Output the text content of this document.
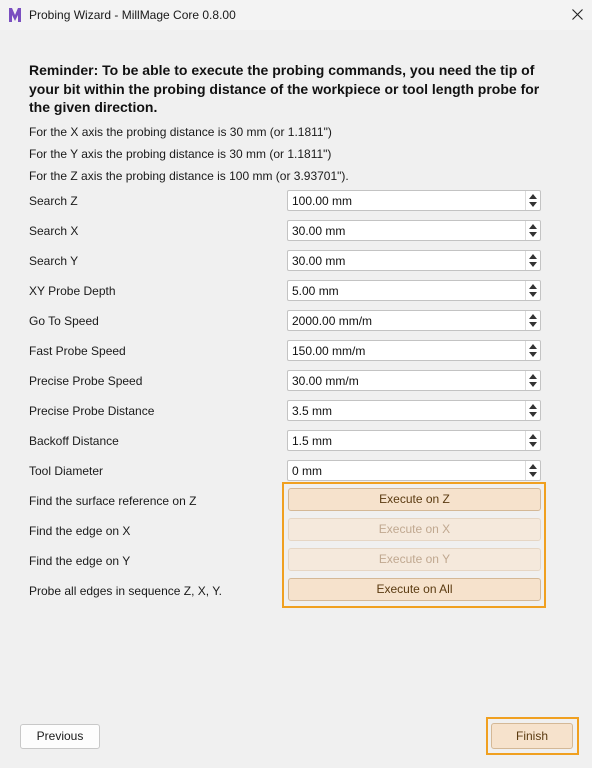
Probing Wizard - MillMage Core 0.8.00
Reminder: To be able to execute the probing commands, you need the tip of your bit within the probing distance of the workpiece or tool length probe for the given direction.
For the X axis the probing distance is 30 mm (or 1.1811")
For the Y axis the probing distance is 30 mm (or 1.1811")
For the Z axis the probing distance is 100 mm (or 3.93701").
Search Z	100.00 mm
Search X	30.00 mm
Search Y	30.00 mm
XY Probe Depth	5.00 mm
Go To Speed	2000.00 mm/m
Fast Probe Speed	150.00 mm/m
Precise Probe Speed	30.00 mm/m
Precise Probe Distance	3.5 mm
Backoff Distance	1.5 mm
Tool Diameter	0 mm
Find the surface reference on Z	Execute on Z
Find the edge on X	Execute on X
Find the edge on Y	Execute on Y
Probe all edges in sequence Z, X, Y.	Execute on All
Previous	Finish
